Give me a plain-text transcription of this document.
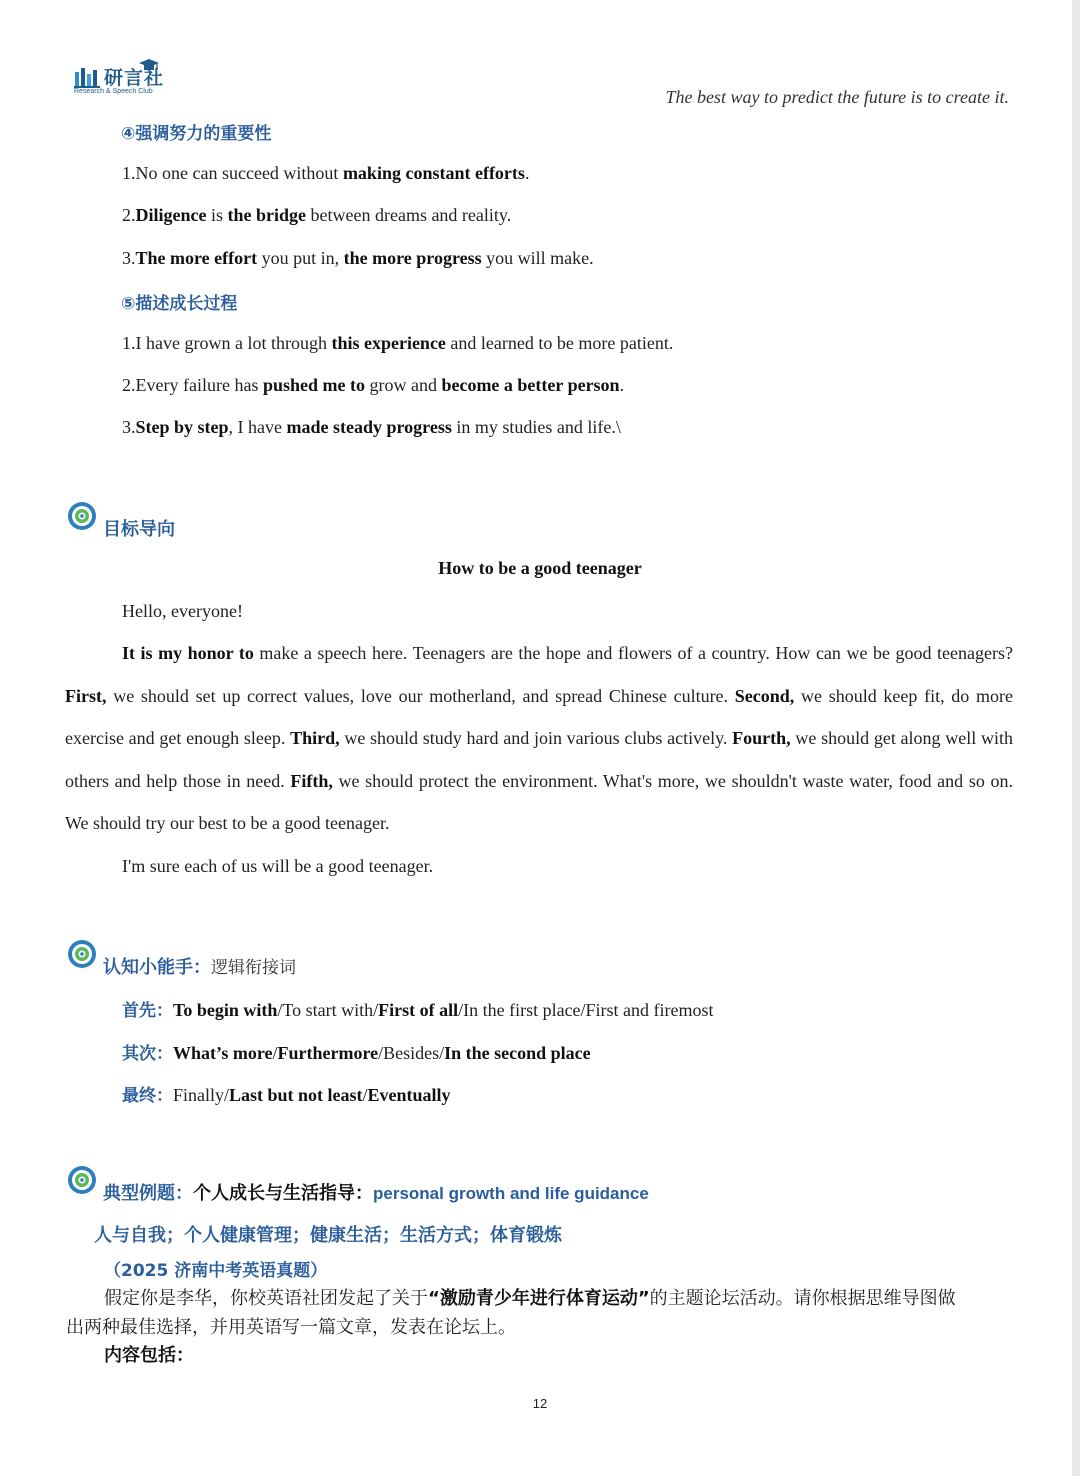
研言社
Research & Speech Club	The best way to predict the future is to create it.
④强调努力的重要性
1.No one can succeed without making constant efforts.
2.Diligence is the bridge between dreams and reality.
3.The more effort you put in, the more progress you will make.
⑤描述成长过程
1.I have grown a lot through this experience and learned to be more patient.
2.Every failure has pushed me to grow and become a better person.
3.Step by step, I have made steady progress in my studies and life.\
目标导向
How to be a good teenager
Hello, everyone!
It is my honor to make a speech here. Teenagers are the hope and flowers of a country. How can we be good teenagers? First, we should set up correct values, love our motherland, and spread Chinese culture. Second, we should keep fit, do more exercise and get enough sleep. Third, we should study hard and join various clubs actively. Fourth, we should get along well with others and help those in need. Fifth, we should protect the environment. What's more, we shouldn't waste water, food and so on. We should try our best to be a good teenager.
I'm sure each of us will be a good teenager.
认知小能手：逻辑衔接词
首先：To begin with/To start with/First of all/In the first place/First and firemost
其次：What’s more/Furthermore/Besides/In the second place
最终：Finally/Last but not least/Eventually
典型例题：个人成长与生活指导：personal growth and life guidance
人与自我；个人健康管理；健康生活；生活方式；体育锻炼
（2025 济南中考英语真题）
假定你是李华，你校英语社团发起了关于“激励青少年进行体育运动”的主题论坛活动。请你根据思维导图做
出两种最佳选择，并用英语写一篇文章，发表在论坛上。
内容包括：
12
